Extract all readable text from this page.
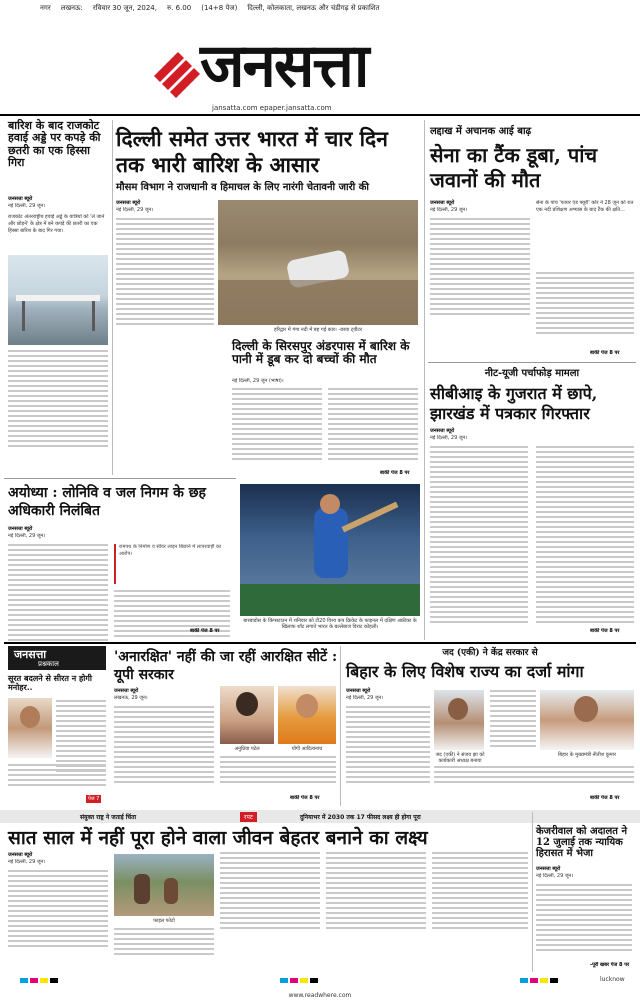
नगर लखनऊ: रविवार 30 जून, 2024, रु. 6.00 (14+8 पेज) दिल्ली, कोलकाता, लखनऊ और चंडीगढ़ से प्रकाशित
जनसत्ता
jansatta.com epaper.jansatta.com
बारिश के बाद राजकोट हवाई अड्डे पर कपड़े की छतरी का एक हिस्सा गिरा
जनसत्ता ब्यूरो
नई दिल्ली, 29 जून।
राजकोट अंतरराष्ट्रीय हवाई अड्डे के यात्रियों को 'ले जाने और छोड़ने' के क्षेत्र में बने कपड़े की छतरी का एक हिस्सा बारिश के बाद गिर गया।
दिल्ली समेत उत्तर भारत में चार दिन तक भारी बारिश के आसार
मौसम विभाग ने राजधानी व हिमाचल के लिए नारंगी चेतावनी जारी की
जनसत्ता ब्यूरो
नई दिल्ली, 29 जून।
हरिद्वार में गंगा नदी में बह गई कार। -छाया ट्वीटर
दिल्ली के सिरसपुर अंडरपास में बारिश के पानी में डूब कर दो बच्चों की मौत
नई दिल्ली, 29 जून (भाषा)।
बाकी पेज 8 पर
लद्दाख में अचानक आई बाढ़
सेना का टैंक डूबा, पांच जवानों की मौत
जनसत्ता ब्यूरो
नई दिल्ली, 29 जून।
सेना के पांच 'फायर एंड फ्यूरी' कोर ने 28 जून को रात एक नदी प्रशिक्षण अभ्यास के बाद टैंक की क्षति...
बाकी पेज 8 पर
नीट-यूजी पर्चाफोड़ मामला
सीबीआइ के गुजरात में छापे, झारखंड में पत्रकार गिरफ्तार
जनसत्ता ब्यूरो
नई दिल्ली, 29 जून।
बाकी पेज 8 पर
अयोध्या : लोनिवि व जल निगम के छह अधिकारी निलंबित
जनसत्ता ब्यूरो
नई दिल्ली, 29 जून।
रामपथ के निर्माण व सीवर लाइन बिछाने में लापरवाही का आरोप।
बाकी पेज 8 पर
बारबाडोस के किंग्सटाउन में शनिवार को टी20 विश्व कप क्रिकेट के फाइनल में दक्षिण अफ्रीका के खिलाफ शॉट लगाते भारत के बल्लेबाज विराट कोहली।
जनसत्ता
प्रश्नकाल
सूरत बदलने से सीरत न होगी मनोहर..
पेज 7
'अनारक्षित' नहीं की जा रहीं आरक्षित सीटें : यूपी सरकार
जनसत्ता ब्यूरो
लखनऊ, 29 जून।
अनुप्रिया पटेल	योगी आदित्यनाथ
बाकी पेज 8 पर
जद (एकी) ने केंद्र सरकार से
बिहार के लिए विशेष राज्य का दर्जा मांगा
जनसत्ता ब्यूरो
नई दिल्ली, 29 जून।
जद (एकी) ने संजय झा को कार्यकारी अध्यक्ष बनाया
बिहार के मुख्यमंत्री नीतीश कुमार
बाकी पेज 8 पर
संयुक्त राष्ट्र ने जताई चिंता	रपट	दुनियाभर में 2030 तक 17 फीसद लक्ष्य ही होगा पूरा
सात साल में नहीं पूरा होने वाला जीवन बेहतर बनाने का लक्ष्य
जनसत्ता ब्यूरो
नई दिल्ली, 29 जून।
फाइल फोटो
केजरीवाल को अदालत ने 12 जुलाई तक न्यायिक हिरासत में भेजा
जनसत्ता ब्यूरो
नई दिल्ली, 29 जून।
-पूरी खबर पेज 8 पर
lucknow
www.readwhere.com
